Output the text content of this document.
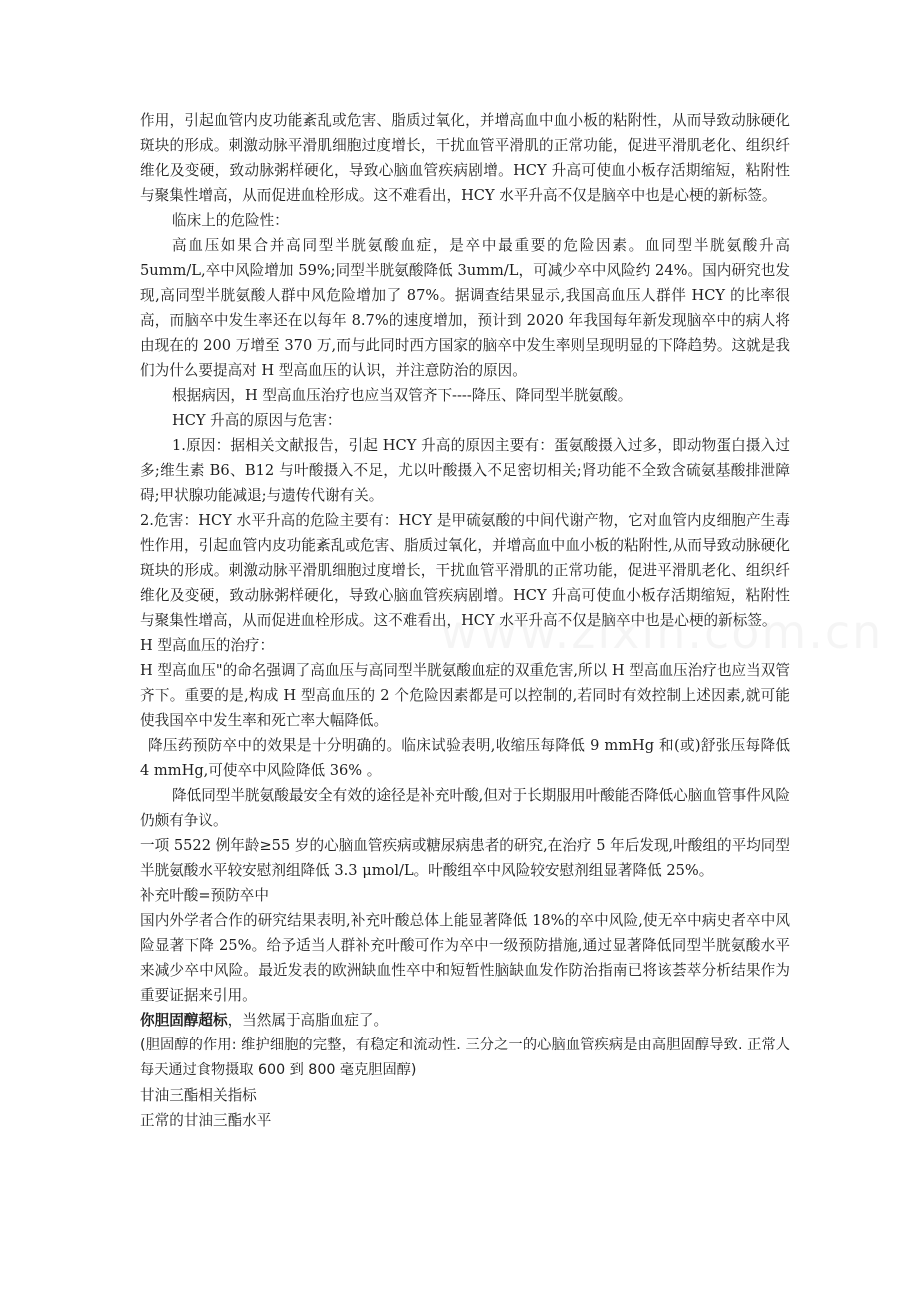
作用，引起血管内皮功能紊乱或危害、脂质过氧化，并增高血中血小板的粘附性，从而导致动脉硬化斑块的形成。刺激动脉平滑肌细胞过度增长，干扰血管平滑肌的正常功能，促进平滑肌老化、组织纤维化及变硬，致动脉粥样硬化，导致心脑血管疾病剧增。HCY 升高可使血小板存活期缩短，粘附性与聚集性增高，从而促进血栓形成。这不难看出，HCY 水平升高不仅是脑卒中也是心梗的新标签。

临床上的危险性：

高血压如果合并高同型半胱氨酸血症，是卒中最重要的危险因素。血同型半胱氨酸升高 5umm/L,卒中风险增加 59%;同型半胱氨酸降低 3umm/L，可减少卒中风险约 24%。国内研究也发现,高同型半胱氨酸人群中风危险增加了 87%。据调查结果显示,我国高血压人群伴 HCY 的比率很高，而脑卒中发生率还在以每年 8.7%的速度增加，预计到 2020 年我国每年新发现脑卒中的病人将由现在的 200 万增至 370 万,而与此同时西方国家的脑卒中发生率则呈现明显的下降趋势。这就是我们为什么要提高对 H 型高血压的认识，并注意防治的原因。

根据病因，H 型高血压治疗也应当双管齐下----降压、降同型半胱氨酸。

HCY 升高的原因与危害：

1.原因：据相关文献报告，引起 HCY 升高的原因主要有：蛋氨酸摄入过多，即动物蛋白摄入过多;维生素 B6、B12 与叶酸摄入不足，尤以叶酸摄入不足密切相关;肾功能不全致含硫氨基酸排泄障碍;甲状腺功能减退;与遗传代谢有关。

2.危害：HCY 水平升高的危险主要有：HCY 是甲硫氨酸的中间代谢产物，它对血管内皮细胞产生毒性作用，引起血管内皮功能紊乱或危害、脂质过氧化，并增高血中血小板的粘附性,从而导致动脉硬化斑块的形成。刺激动脉平滑肌细胞过度增长，干扰血管平滑肌的正常功能，促进平滑肌老化、组织纤维化及变硬，致动脉粥样硬化，导致心脑血管疾病剧增。HCY 升高可使血小板存活期缩短，粘附性与聚集性增高，从而促进血栓形成。这不难看出，HCY 水平升高不仅是脑卒中也是心梗的新标签。

H 型高血压的治疗：

H 型高血压"的命名强调了高血压与高同型半胱氨酸血症的双重危害,所以 H 型高血压治疗也应当双管齐下。重要的是,构成 H 型高血压的 2 个危险因素都是可以控制的,若同时有效控制上述因素,就可能使我国卒中发生率和死亡率大幅降低。

降压药预防卒中的效果是十分明确的。临床试验表明,收缩压每降低 9 mmHg 和(或)舒张压每降低 4 mmHg,可使卒中风险降低 36% 。

降低同型半胱氨酸最安全有效的途径是补充叶酸,但对于长期服用叶酸能否降低心脑血管事件风险仍颇有争议。

一项 5522 例年龄≥55 岁的心脑血管疾病或糖尿病患者的研究,在治疗 5 年后发现,叶酸组的平均同型半胱氨酸水平较安慰剂组降低 3.3 μmol/L。叶酸组卒中风险较安慰剂组显著降低 25%。

补充叶酸=预防卒中

国内外学者合作的研究结果表明,补充叶酸总体上能显著降低 18%的卒中风险,使无卒中病史者卒中风险显著下降 25%。给予适当人群补充叶酸可作为卒中一级预防措施,通过显著降低同型半胱氨酸水平来减少卒中风险。最近发表的欧洲缺血性卒中和短暂性脑缺血发作防治指南已将该荟萃分析结果作为重要证据来引用。

你胆固醇超标，当然属于高脂血症了。

(胆固醇的作用: 维护细胞的完整，有稳定和流动性. 三分之一的心脑血管疾病是由高胆固醇导致. 正常人每天通过食物摄取 600 到 800 毫克胆固醇)

甘油三酯相关指标

正常的甘油三酯水平
